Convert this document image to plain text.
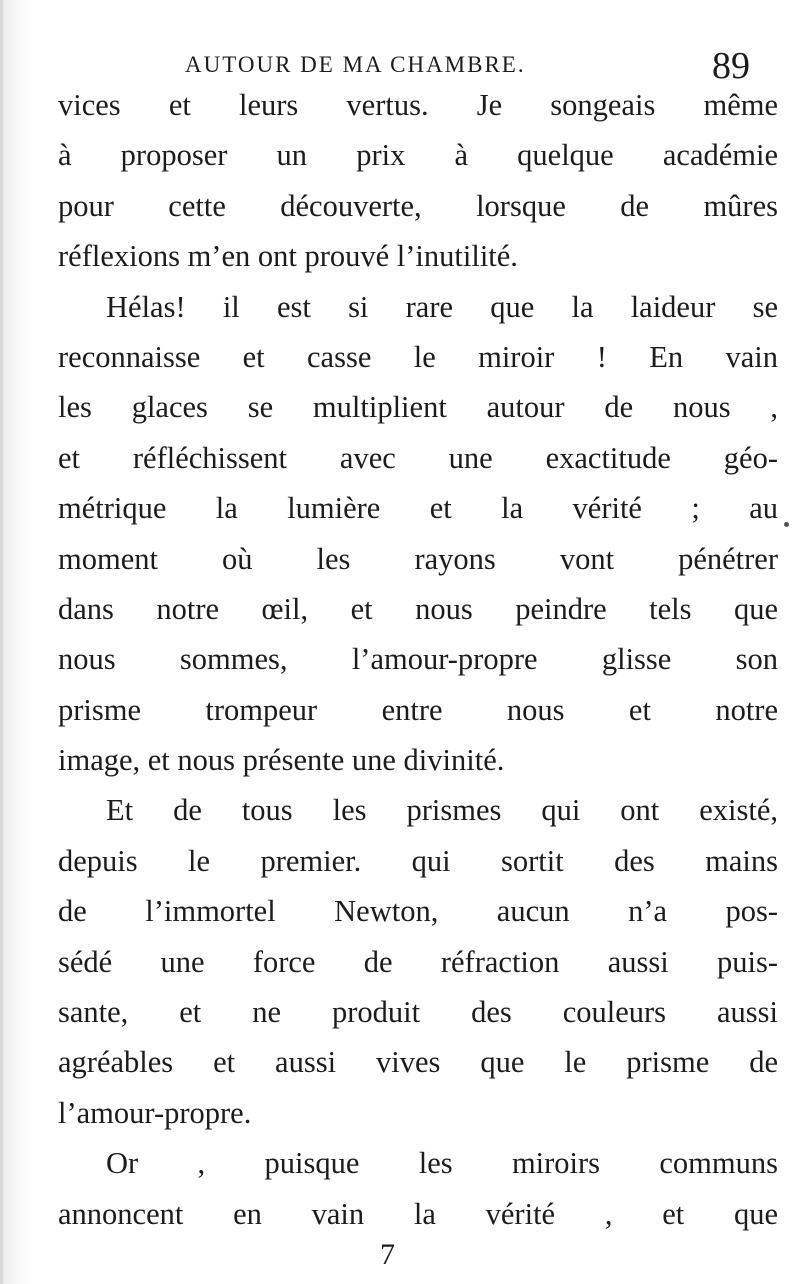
AUTOUR DE MA CHAMBRE.	89
vices et leurs vertus. Je songeais même
à proposer un prix à quelque académie
pour cette découverte, lorsque de mûres
réflexions m’en ont prouvé l’inutilité.
Hélas! il est si rare que la laideur se
reconnaisse et casse le miroir ! En vain
les glaces se multiplient autour de nous ,
et réfléchissent avec une exactitude géo-
métrique la lumière et la vérité ; au
moment où les rayons vont pénétrer
dans notre œil, et nous peindre tels que
nous sommes, l’amour-propre glisse son
prisme trompeur entre nous et notre
image, et nous présente une divinité.
Et de tous les prismes qui ont existé,
depuis le premier. qui sortit des mains
de l’immortel Newton, aucun n’a pos-
sédé une force de réfraction aussi puis-
sante, et ne produit des couleurs aussi
agréables et aussi vives que le prisme de
l’amour-propre.
Or , puisque les miroirs communs
annoncent en vain la vérité , et que
7
